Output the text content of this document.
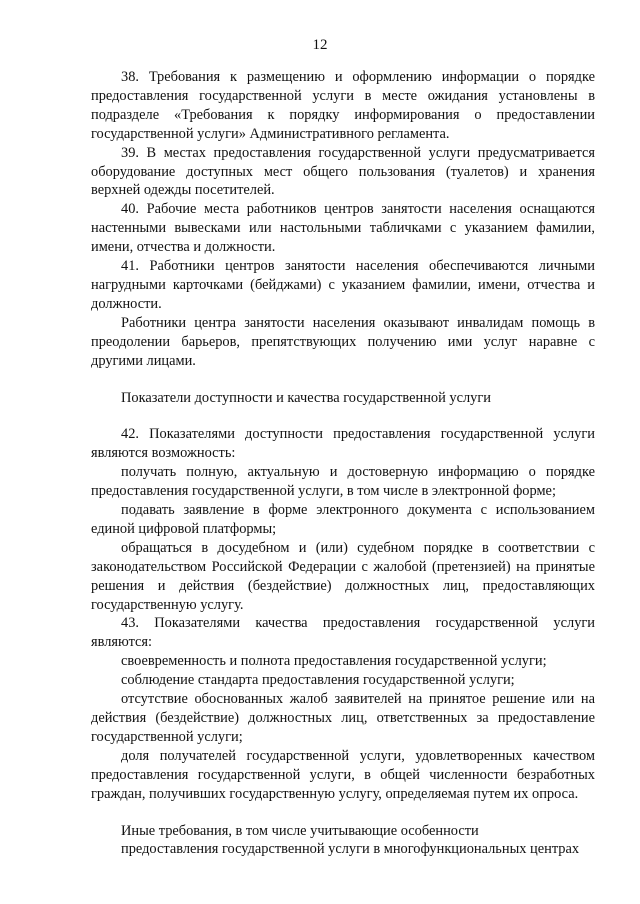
12

38. Требования к размещению и оформлению информации о порядке предоставления государственной услуги в месте ожидания установлены в подразделе «Требования к порядку информирования о предоставлении государственной услуги» Административного регламента.

39. В местах предоставления государственной услуги предусматривается оборудование доступных мест общего пользования (туалетов) и хранения верхней одежды посетителей.

40. Рабочие места работников центров занятости населения оснащаются настенными вывесками или настольными табличками с указанием фамилии, имени, отчества и должности.

41. Работники центров занятости населения обеспечиваются личными нагрудными карточками (бейджами) с указанием фамилии, имени, отчества и должности.

Работники центра занятости населения оказывают инвалидам помощь в преодолении барьеров, препятствующих получению ими услуг наравне с другими лицами.

Показатели доступности и качества государственной услуги

42. Показателями доступности предоставления государственной услуги являются возможность:

получать полную, актуальную и достоверную информацию о порядке предоставления государственной услуги, в том числе в электронной форме;

подавать заявление в форме электронного документа с использованием единой цифровой платформы;

обращаться в досудебном и (или) судебном порядке в соответствии с законодательством Российской Федерации с жалобой (претензией) на принятые решения и действия (бездействие) должностных лиц, предоставляющих государственную услугу.

43. Показателями качества предоставления государственной услуги являются:

своевременность и полнота предоставления государственной услуги;

соблюдение стандарта предоставления государственной услуги;

отсутствие обоснованных жалоб заявителей на принятое решение или на действия (бездействие) должностных лиц, ответственных за предоставление государственной услуги;

доля получателей государственной услуги, удовлетворенных качеством предоставления государственной услуги, в общей численности безработных граждан, получивших государственную услугу, определяемая путем их опроса.

Иные требования, в том числе учитывающие особенности

предоставления государственной услуги в многофункциональных центрах
